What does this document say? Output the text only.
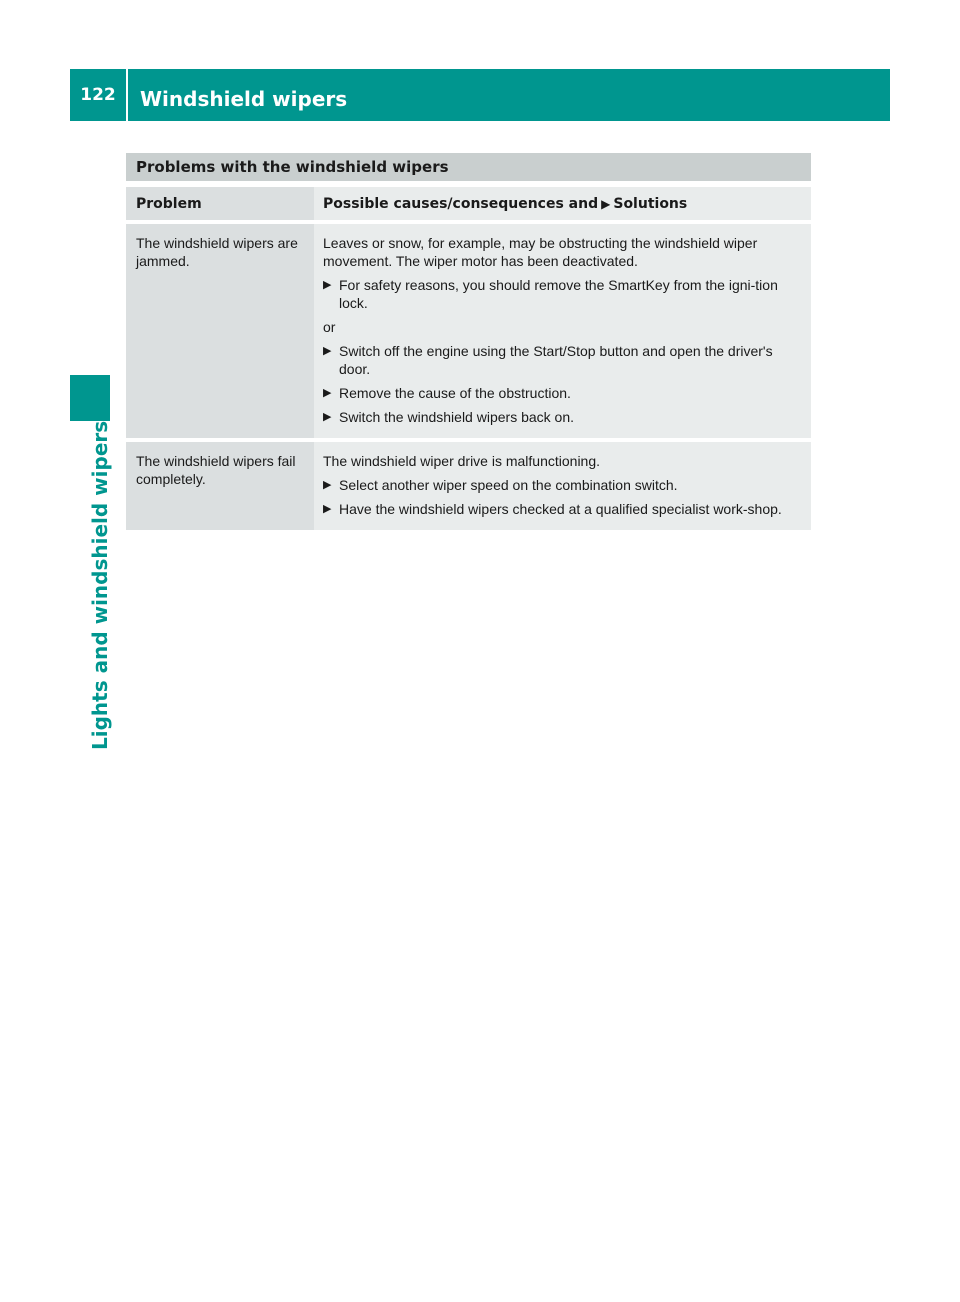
122	Windshield wipers
Lights and windshield wipers
Problems with the windshield wipers
Problem	Possible causes/consequences and ▶ Solutions
The windshield wipers are jammed.

Leaves or snow, for example, may be obstructing the windshield wiper movement. The wiper motor has been deactivated.

▶ For safety reasons, you should remove the SmartKey from the igni-tion lock.

or

▶ Switch off the engine using the Start/Stop button and open the driver's door.
▶ Remove the cause of the obstruction.
▶ Switch the windshield wipers back on.
The windshield wipers fail completely.

The windshield wiper drive is malfunctioning.

▶ Select another wiper speed on the combination switch.
▶ Have the windshield wipers checked at a qualified specialist work-shop.
